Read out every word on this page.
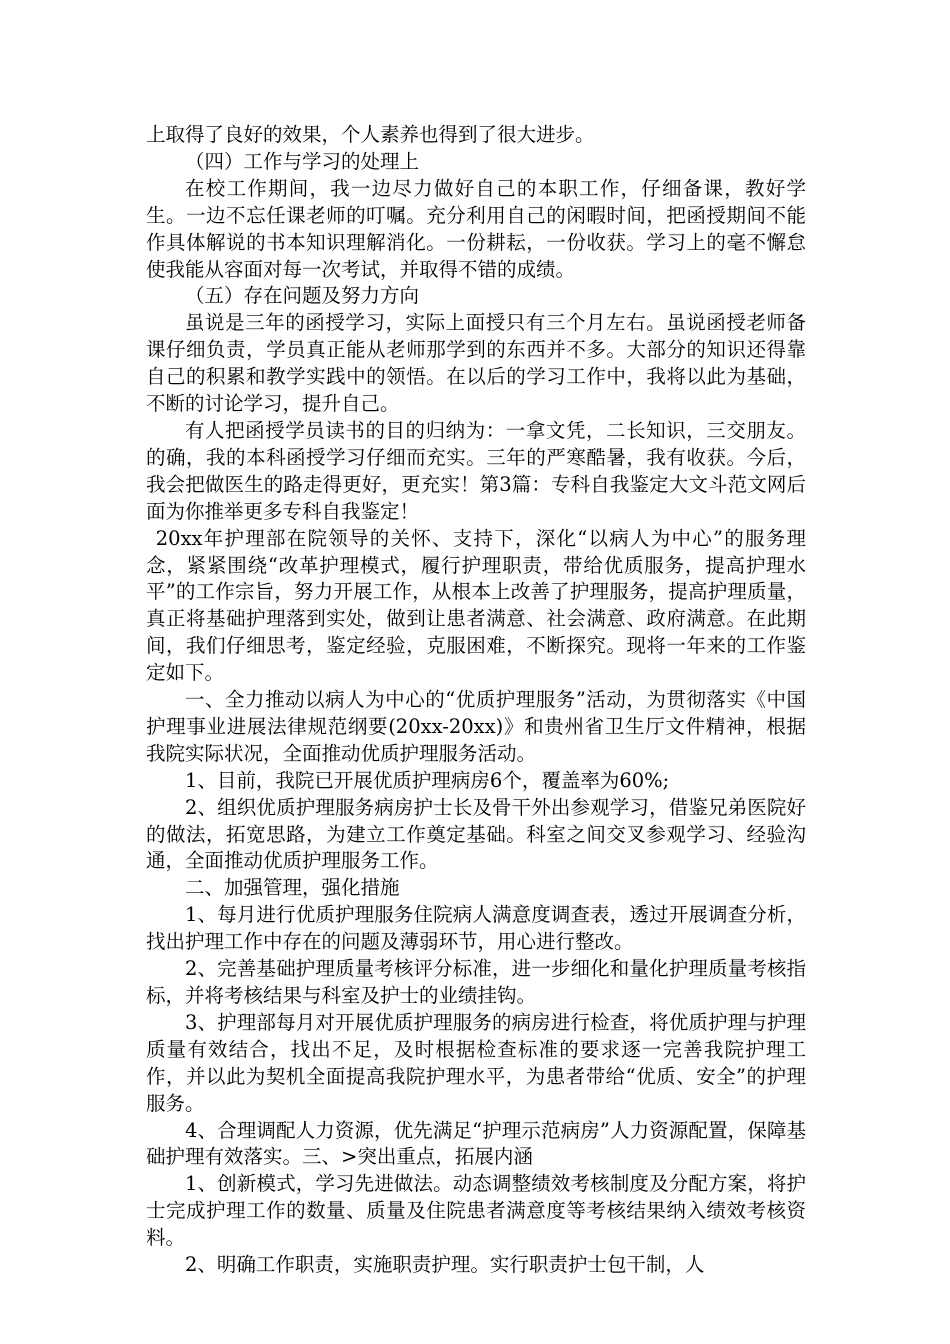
上取得了良好的效果，个人素养也得到了很大进步。

（四）工作与学习的处理上

在校工作期间，我一边尽力做好自己的本职工作，仔细备课，教好学生。一边不忘任课老师的叮嘱。充分利用自己的闲暇时间，把函授期间不能作具体解说的书本知识理解消化。一份耕耘，一份收获。学习上的毫不懈怠使我能从容面对每一次考试，并取得不错的成绩。

（五）存在问题及努力方向

虽说是三年的函授学习，实际上面授只有三个月左右。虽说函授老师备课仔细负责，学员真正能从老师那学到的东西并不多。大部分的知识还得靠自己的积累和教学实践中的领悟。在以后的学习工作中，我将以此为基础，不断的讨论学习，提升自己。

有人把函授学员读书的目的归纳为：一拿文凭，二长知识，三交朋友。的确，我的本科函授学习仔细而充实。三年的严寒酷暑，我有收获。今后，我会把做医生的路走得更好，更充实！第3篇：专科自我鉴定大文斗范文网后面为你推举更多专科自我鉴定！

20xx年护理部在院领导的关怀、支持下，深化“以病人为中心”的服务理念，紧紧围绕“改革护理模式，履行护理职责，带给优质服务，提高护理水平”的工作宗旨，努力开展工作，从根本上改善了护理服务，提高护理质量，真正将基础护理落到实处，做到让患者满意、社会满意、政府满意。在此期间，我们仔细思考，鉴定经验，克服困难，不断探究。现将一年来的工作鉴定如下。

一、全力推动以病人为中心的“优质护理服务”活动，为贯彻落实《中国护理事业进展法律规范纲要(20xx-20xx)》和贵州省卫生厅文件精神，根据我院实际状况，全面推动优质护理服务活动。

1、目前，我院已开展优质护理病房6个，覆盖率为60%;

2、组织优质护理服务病房护士长及骨干外出参观学习，借鉴兄弟医院好的做法，拓宽思路，为建立工作奠定基础。科室之间交叉参观学习、经验沟通，全面推动优质护理服务工作。

二、加强管理，强化措施

1、每月进行优质护理服务住院病人满意度调查表，透过开展调查分析，找出护理工作中存在的问题及薄弱环节，用心进行整改。

2、完善基础护理质量考核评分标准，进一步细化和量化护理质量考核指标，并将考核结果与科室及护士的业绩挂钩。

3、护理部每月对开展优质护理服务的病房进行检查，将优质护理与护理质量有效结合，找出不足，及时根据检查标准的要求逐一完善我院护理工作，并以此为契机全面提高我院护理水平，为患者带给“优质、安全”的护理服务。

4、合理调配人力资源，优先满足“护理示范病房”人力资源配置，保障基础护理有效落实。三、>突出重点，拓展内涵

1、创新模式，学习先进做法。动态调整绩效考核制度及分配方案，将护士完成护理工作的数量、质量及住院患者满意度等考核结果纳入绩效考核资料。

2、明确工作职责，实施职责护理。实行职责护士包干制，人
